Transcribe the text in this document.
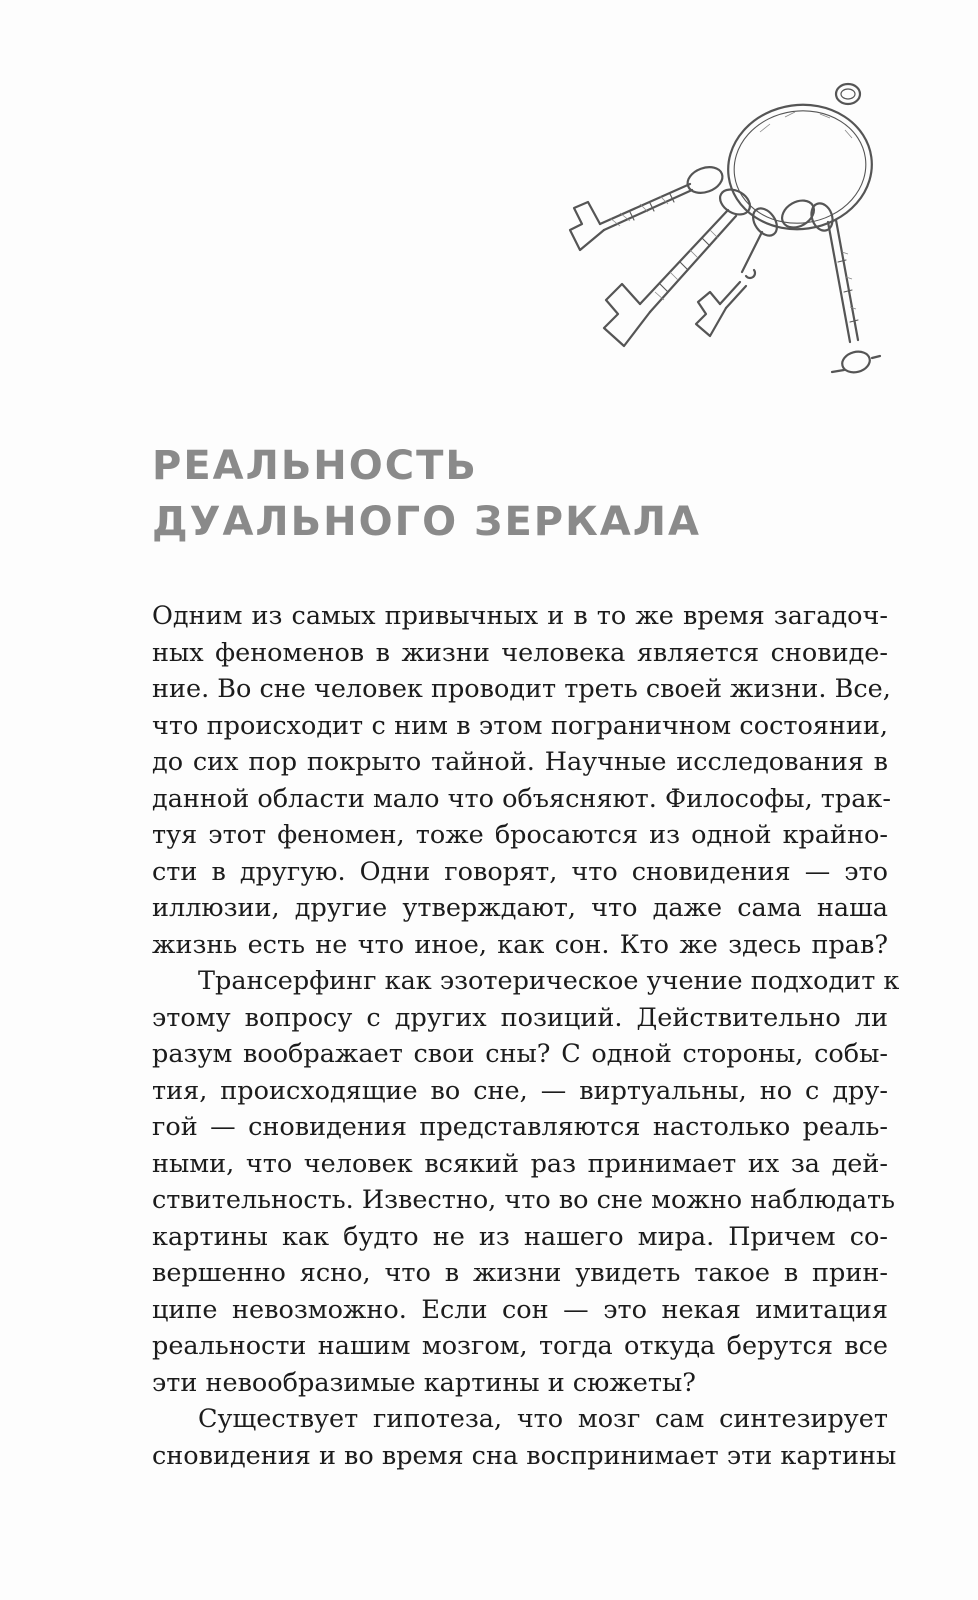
РЕАЛЬНОСТЬ
ДУАЛЬНОГО ЗЕРКАЛА

Одним из самых привычных и в то же время загадоч-
ных феноменов в жизни человека является сновиде-
ние. Во сне человек проводит треть своей жизни. Все,
что происходит с ним в этом пограничном состоянии,
до сих пор покрыто тайной. Научные исследования в
данной области мало что объясняют. Философы, трак-
туя этот феномен, тоже бросаются из одной крайно-
сти в другую. Одни говорят, что сновидения — это
иллюзии, другие утверждают, что даже сама наша
жизнь есть не что иное, как сон. Кто же здесь прав?

Трансерфинг как эзотерическое учение подходит к
этому вопросу с других позиций. Действительно ли
разум воображает свои сны? С одной стороны, собы-
тия, происходящие во сне, — виртуальны, но с дру-
гой — сновидения представляются настолько реаль-
ными, что человек всякий раз принимает их за дей-
ствительность. Известно, что во сне можно наблюдать
картины как будто не из нашего мира. Причем со-
вершенно ясно, что в жизни увидеть такое в прин-
ципе невозможно. Если сон — это некая имитация
реальности нашим мозгом, тогда откуда берутся все
эти невообразимые картины и сюжеты?

Существует гипотеза, что мозг сам синтезирует
сновидения и во время сна воспринимает эти картины
